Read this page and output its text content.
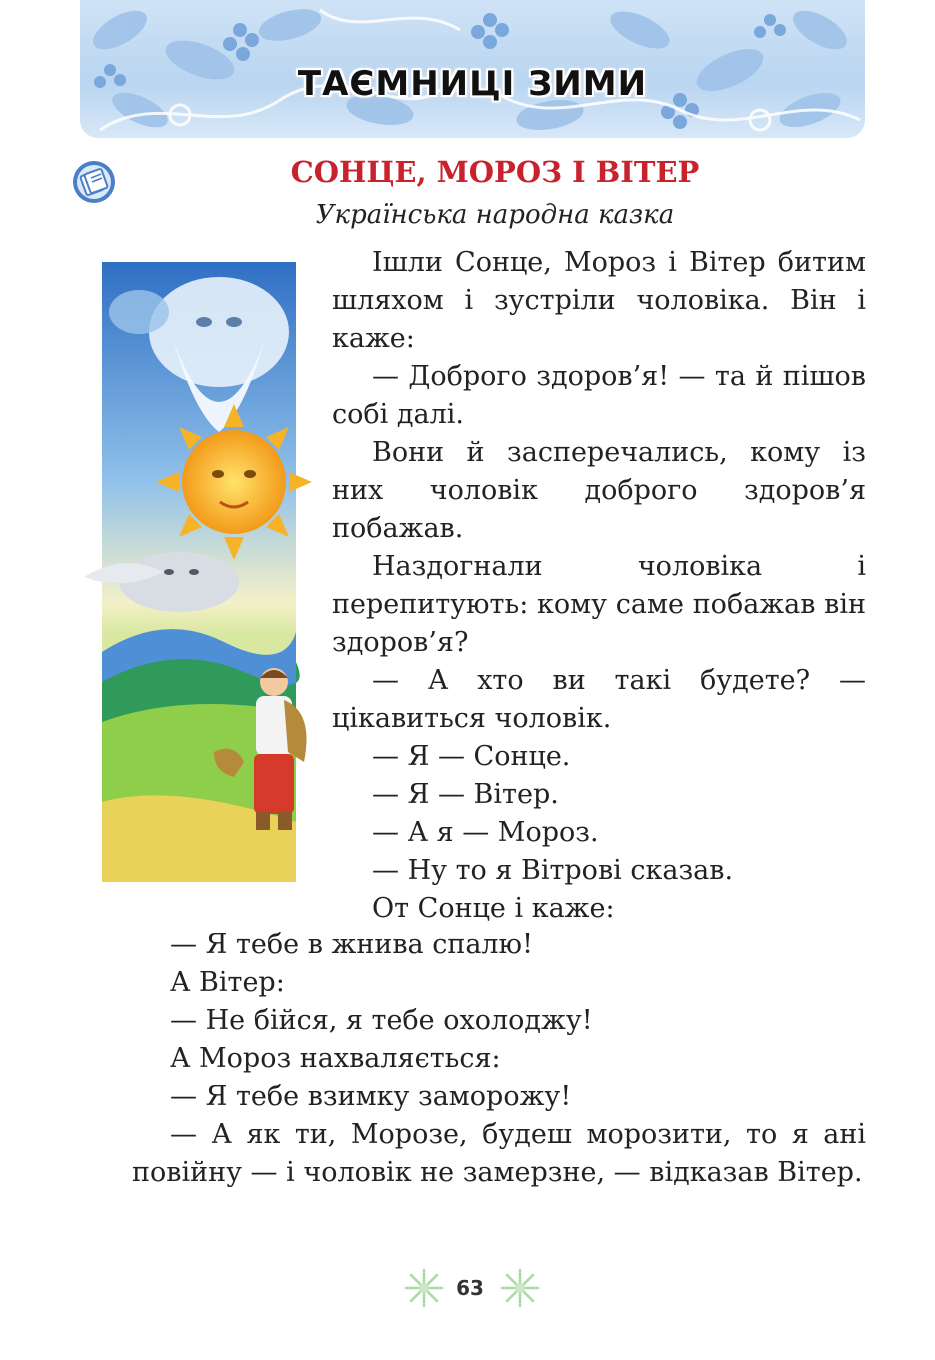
ТАЄМНИЦІ ЗИМИ
СОНЦЕ, МОРОЗ І ВІТЕР
Українська народна казка

Ішли Сонце, Мороз і Вітер битим шляхом і зустріли чоловіка. Він і каже:

— Доброго здоров’я! — та й пішов собі далі.

Вони й засперечались, кому із них чоловік доброго здоров’я побажав.

Наздогнали чоловіка і перепитують: кому саме побажав він здоров’я?

— А хто ви такі будете? — цікавиться чоловік.

— Я — Сонце.

— Я — Вітер.

— А я — Мороз.

— Ну то я Вітрові сказав.

От Сонце і каже:

— Я тебе в жнива спалю!

А Вітер:

— Не бійся, я тебе охолоджу!

А Мороз нахваляється:

— Я тебе взимку заморожу!

— А як ти, Морозе, будеш морозити, то я ані повійну — і чоловік не замерзне, — відказав Вітер.

63
